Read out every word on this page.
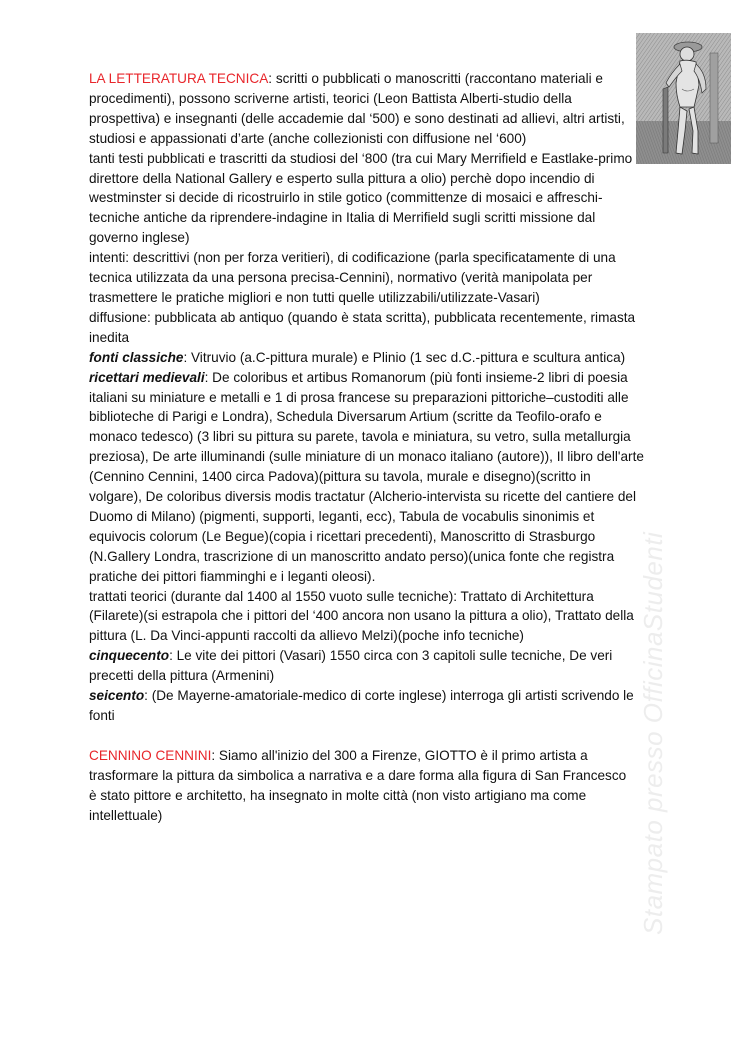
LA LETTERATURA TECNICA: scritti o pubblicati o manoscritti (raccontano materiali e procedimenti), possono scriverne artisti, teorici (Leon Battista Alberti-studio della prospettiva) e insegnanti (delle accademie dal ‘500) e sono destinati ad allievi, altri artisti, studiosi e appassionati d’arte (anche collezionisti con diffusione nel ‘600)

tanti testi pubblicati e trascritti da studiosi del ‘800 (tra cui Mary Merrifield e Eastlake-primo direttore della National Gallery e esperto sulla pittura a olio) perchè dopo incendio di westminster si decide di ricostruirlo in stile gotico (committenze di mosaici e affreschi-tecniche antiche da riprendere-indagine in Italia di Merrifield sugli scritti missione dal governo inglese)

intenti: descrittivi (non per forza veritieri), di codificazione (parla specificatamente di una tecnica utilizzata da una persona precisa-Cennini), normativo (verità manipolata per trasmettere le pratiche migliori e non tutti quelle utilizzabili/utilizzate-Vasari)

diffusione: pubblicata ab antiquo (quando è stata scritta), pubblicata recentemente, rimasta inedita

fonti classiche: Vitruvio (a.C-pittura murale) e Plinio (1 sec d.C.-pittura e scultura antica)

ricettari medievali: De coloribus et artibus Romanorum (più fonti insieme-2 libri di poesia italiani su miniature e metalli e 1 di prosa francese su preparazioni pittoriche–custoditi alle biblioteche di Parigi e Londra), Schedula Diversarum Artium (scritte da Teofilo-orafo e monaco tedesco) (3 libri su pittura su parete, tavola e miniatura, su vetro, sulla metallurgia preziosa), De arte illuminandi (sulle miniature di un monaco italiano (autore)), Il libro dell'arte (Cennino Cennini, 1400 circa Padova)(pittura su tavola, murale e disegno)(scritto in volgare), De coloribus diversis modis tractatur (Alcherio-intervista su ricette del cantiere del Duomo di Milano) (pigmenti, supporti, leganti, ecc), Tabula de vocabulis sinonimis et equivocis colorum (Le Begue)(copia i ricettari precedenti), Manoscritto di Strasburgo (N.Gallery Londra, trascrizione di un manoscritto andato perso)(unica fonte che registra pratiche dei pittori fiamminghi e i leganti oleosi).

trattati teorici (durante dal 1400 al 1550 vuoto sulle tecniche): Trattato di Architettura (Filarete)(si estrapola che i pittori del ‘400 ancora non usano la pittura a olio), Trattato della pittura (L. Da Vinci-appunti raccolti da allievo Melzi)(poche info tecniche)

cinquecento: Le vite dei pittori (Vasari) 1550 circa con 3 capitoli sulle tecniche, De veri precetti della pittura (Armenini)

seicento: (De Mayerne-amatoriale-medico di corte inglese) interroga gli artisti scrivendo le fonti

CENNINO CENNINI: Siamo all'inizio del 300 a Firenze, GIOTTO è il primo artista a trasformare la pittura da simbolica a narrativa e a dare forma alla figura di San Francesco

è stato pittore e architetto, ha insegnato in molte città (non visto artigiano ma come intellettuale)	Stampato presso OfficinaStudenti
